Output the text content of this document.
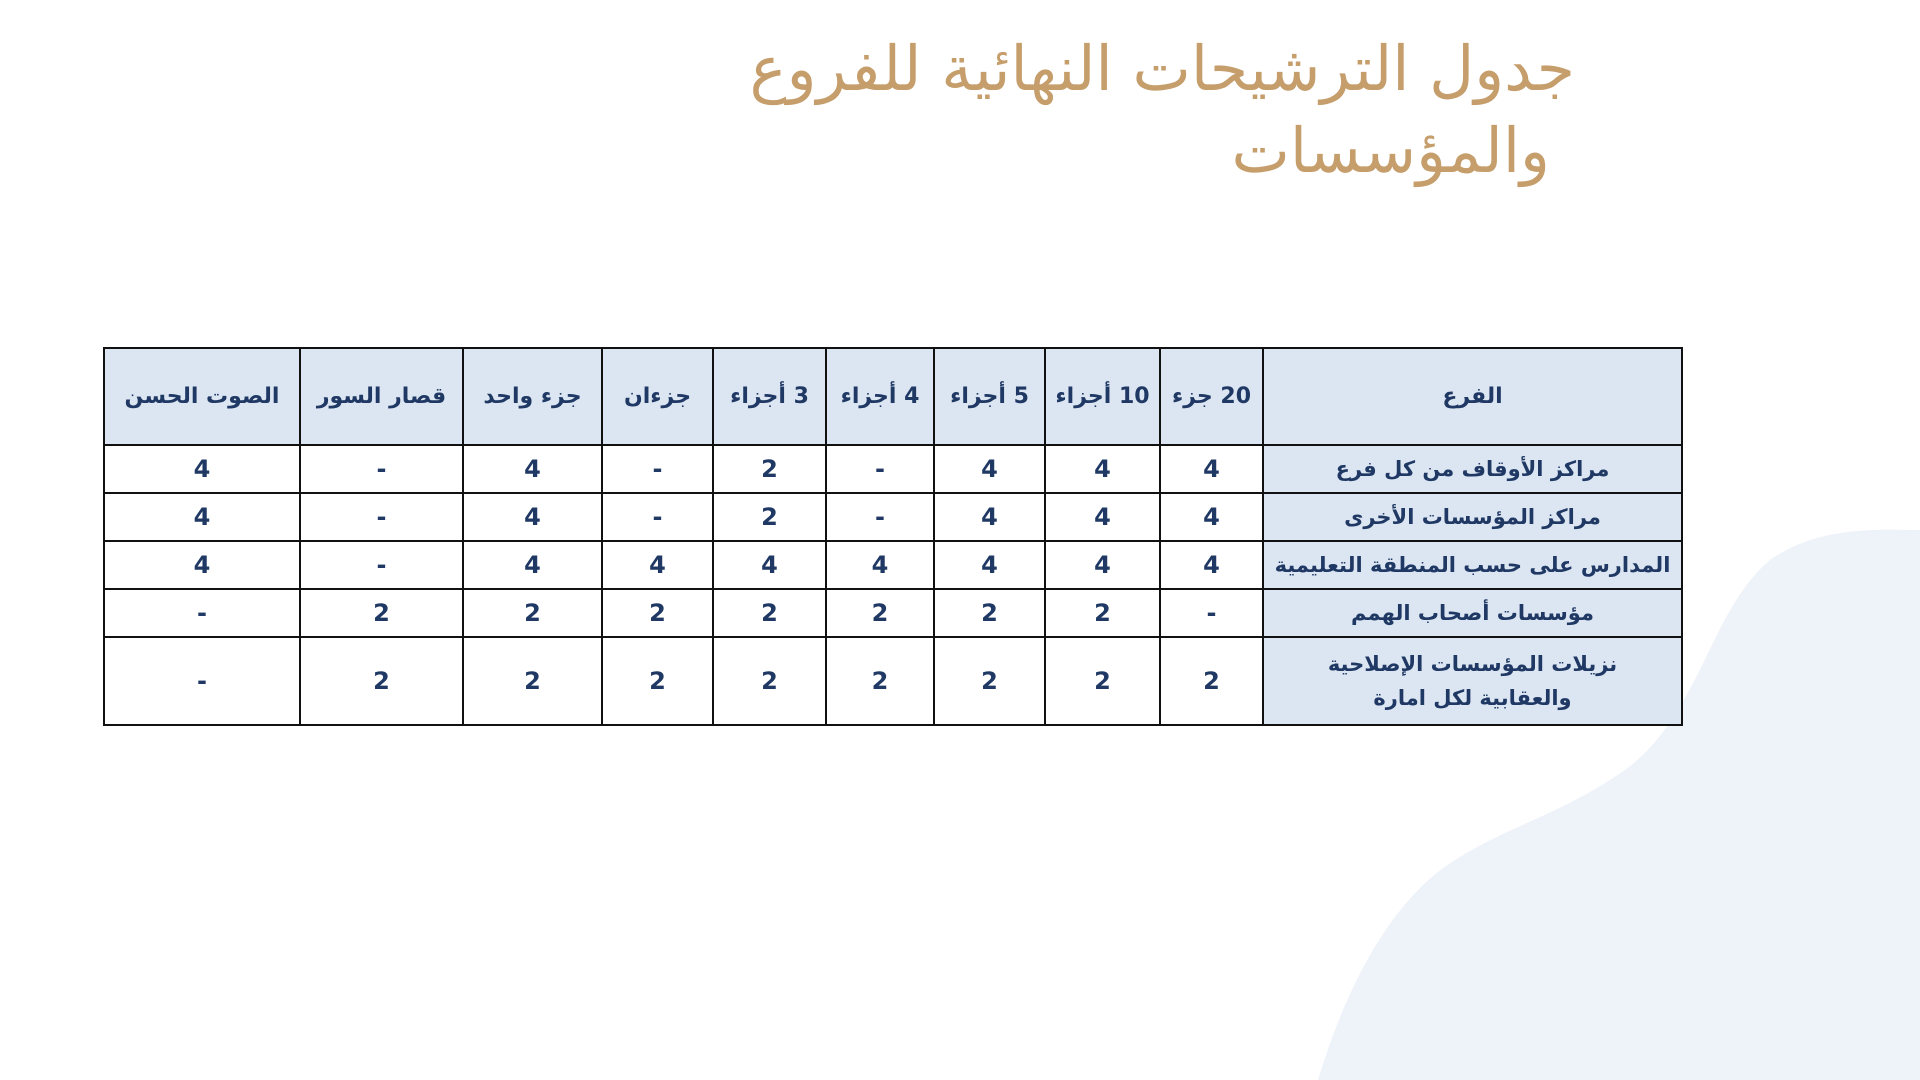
جدول الترشيحات النهائية للفروع
والمؤسسات
الفرع	20 جزء	10 أجزاء	5 أجزاء	4 أجزاء	3 أجزاء	جزءان	جزء واحد	قصار السور	الصوت الحسن

مراكز الأوقاف من كل فرع	4	4	4	-	2	-	4	-	4

مراكز المؤسسات الأخرى	4	4	4	-	2	-	4	-	4

المدارس على حسب المنطقة التعليمية	4	4	4	4	4	4	4	-	4

مؤسسات أصحاب الهمم	-	2	2	2	2	2	2	2	-

نزيلات المؤسسات الإصلاحية
والعقابية لكل امارة	2	2	2	2	2	2	2	2	-
